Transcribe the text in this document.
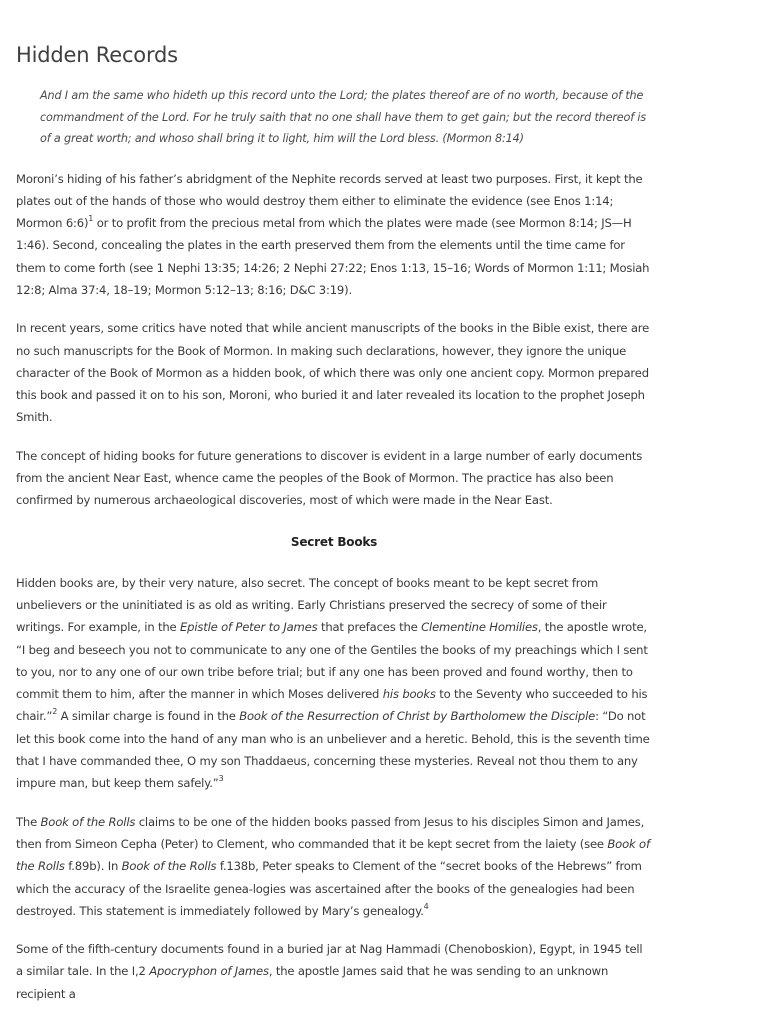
Hidden Records
And I am the same who hideth up this record unto the Lord; the plates thereof are of no worth, because of the commandment of the Lord. For he truly saith that no one shall have them to get gain; but the record thereof is of a great worth; and whoso shall bring it to light, him will the Lord bless. (Mormon 8:14)

Moroni’s hiding of his father’s abridgment of the Nephite records served at least two purposes. First, it kept the plates out of the hands of those who would destroy them either to eliminate the evidence (see Enos 1:14; Mormon 6:6)$^1$ or to profit from the precious metal from which the plates were made (see Mormon 8:14; JS—H 1:46). Second, concealing the plates in the earth preserved them from the elements until the time came for them to come forth (see 1 Nephi 13:35; 14:26; 2 Nephi 27:22; Enos 1:13, 15–16; Words of Mormon 1:11; Mosiah 12:8; Alma 37:4, 18–19; Mormon 5:12–13; 8:16; D&C 3:19).

In recent years, some critics have noted that while ancient manuscripts of the books in the Bible exist, there are no such manuscripts for the Book of Mormon. In making such declarations, however, they ignore the unique character of the Book of Mormon as a hidden book, of which there was only one ancient copy. Mormon prepared this book and passed it on to his son, Moroni, who buried it and later revealed its location to the prophet Joseph Smith.

The concept of hiding books for future generations to discover is evident in a large number of early documents from the ancient Near East, whence came the peoples of the Book of Mormon. The practice has also been confirmed by numerous archaeological discoveries, most of which were made in the Near East.

Secret Books

Hidden books are, by their very nature, also secret. The concept of books meant to be kept secret from unbelievers or the uninitiated is as old as writing. Early Christians preserved the secrecy of some of their writings. For example, in the Epistle of Peter to James that prefaces the Clementine Homilies, the apostle wrote, “I beg and beseech you not to communicate to any one of the Gentiles the books of my preachings which I sent to you, nor to any one of our own tribe before trial; but if any one has been proved and found worthy, then to commit them to him, after the manner in which Moses delivered his books to the Seventy who succeeded to his chair.”$^2$ A similar charge is found in the Book of the Resurrection of Christ by Bartholomew the Disciple: “Do not let this book come into the hand of any man who is an unbeliever and a heretic. Behold, this is the seventh time that I have commanded thee, O my son Thaddaeus, concerning these mysteries. Reveal not thou them to any impure man, but keep them safely.”$^3$

The Book of the Rolls claims to be one of the hidden books passed from Jesus to his disciples Simon and James, then from Simeon Cepha (Peter) to Clement, who commanded that it be kept secret from the laiety (see Book of the Rolls f.89b). In Book of the Rolls f.138b, Peter speaks to Clement of the “secret books of the Hebrews” from which the accuracy of the Israelite genea-logies was ascertained after the books of the genealogies had been destroyed. This statement is immediately followed by Mary’s genealogy.$^4$

Some of the fifth-century documents found in a buried jar at Nag Hammadi (Chenoboskion), Egypt, in 1945 tell a similar tale. In the I,2 Apocryphon of James, the apostle James said that he was sending to an unknown recipient a
